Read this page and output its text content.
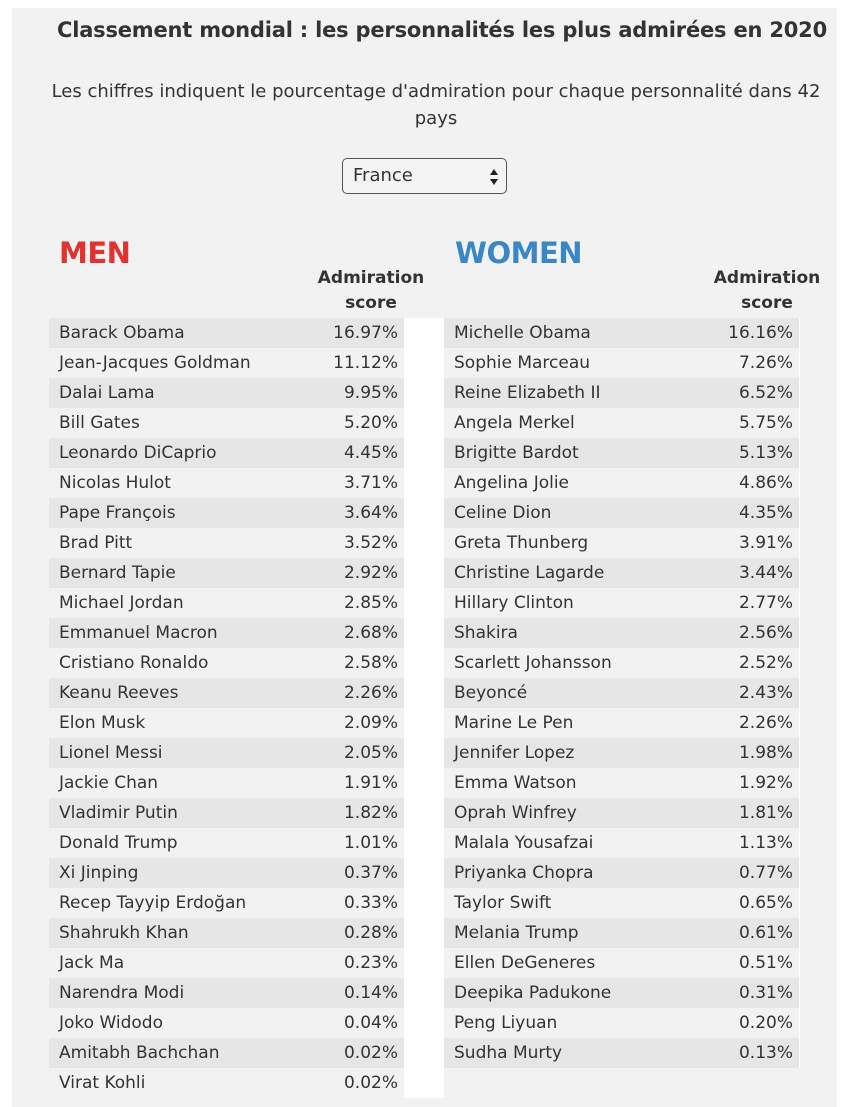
Classement mondial : les personnalités les plus admirées en 2020
Les chiffres indiquent le pourcentage d'admiration pour chaque personnalité dans 42 pays
France
MEN
Admiration score
Barack Obama	16.97%
Jean-Jacques Goldman	11.12%
Dalai Lama	9.95%
Bill Gates	5.20%
Leonardo DiCaprio	4.45%
Nicolas Hulot	3.71%
Pape François	3.64%
Brad Pitt	3.52%
Bernard Tapie	2.92%
Michael Jordan	2.85%
Emmanuel Macron	2.68%
Cristiano Ronaldo	2.58%
Keanu Reeves	2.26%
Elon Musk	2.09%
Lionel Messi	2.05%
Jackie Chan	1.91%
Vladimir Putin	1.82%
Donald Trump	1.01%
Xi Jinping	0.37%
Recep Tayyip Erdoğan	0.33%
Shahrukh Khan	0.28%
Jack Ma	0.23%
Narendra Modi	0.14%
Joko Widodo	0.04%
Amitabh Bachchan	0.02%
Virat Kohli	0.02%
WOMEN
Admiration score
Michelle Obama	16.16%
Sophie Marceau	7.26%
Reine Elizabeth II	6.52%
Angela Merkel	5.75%
Brigitte Bardot	5.13%
Angelina Jolie	4.86%
Celine Dion	4.35%
Greta Thunberg	3.91%
Christine Lagarde	3.44%
Hillary Clinton	2.77%
Shakira	2.56%
Scarlett Johansson	2.52%
Beyoncé	2.43%
Marine Le Pen	2.26%
Jennifer Lopez	1.98%
Emma Watson	1.92%
Oprah Winfrey	1.81%
Malala Yousafzai	1.13%
Priyanka Chopra	0.77%
Taylor Swift	0.65%
Melania Trump	0.61%
Ellen DeGeneres	0.51%
Deepika Padukone	0.31%
Peng Liyuan	0.20%
Sudha Murty	0.13%
